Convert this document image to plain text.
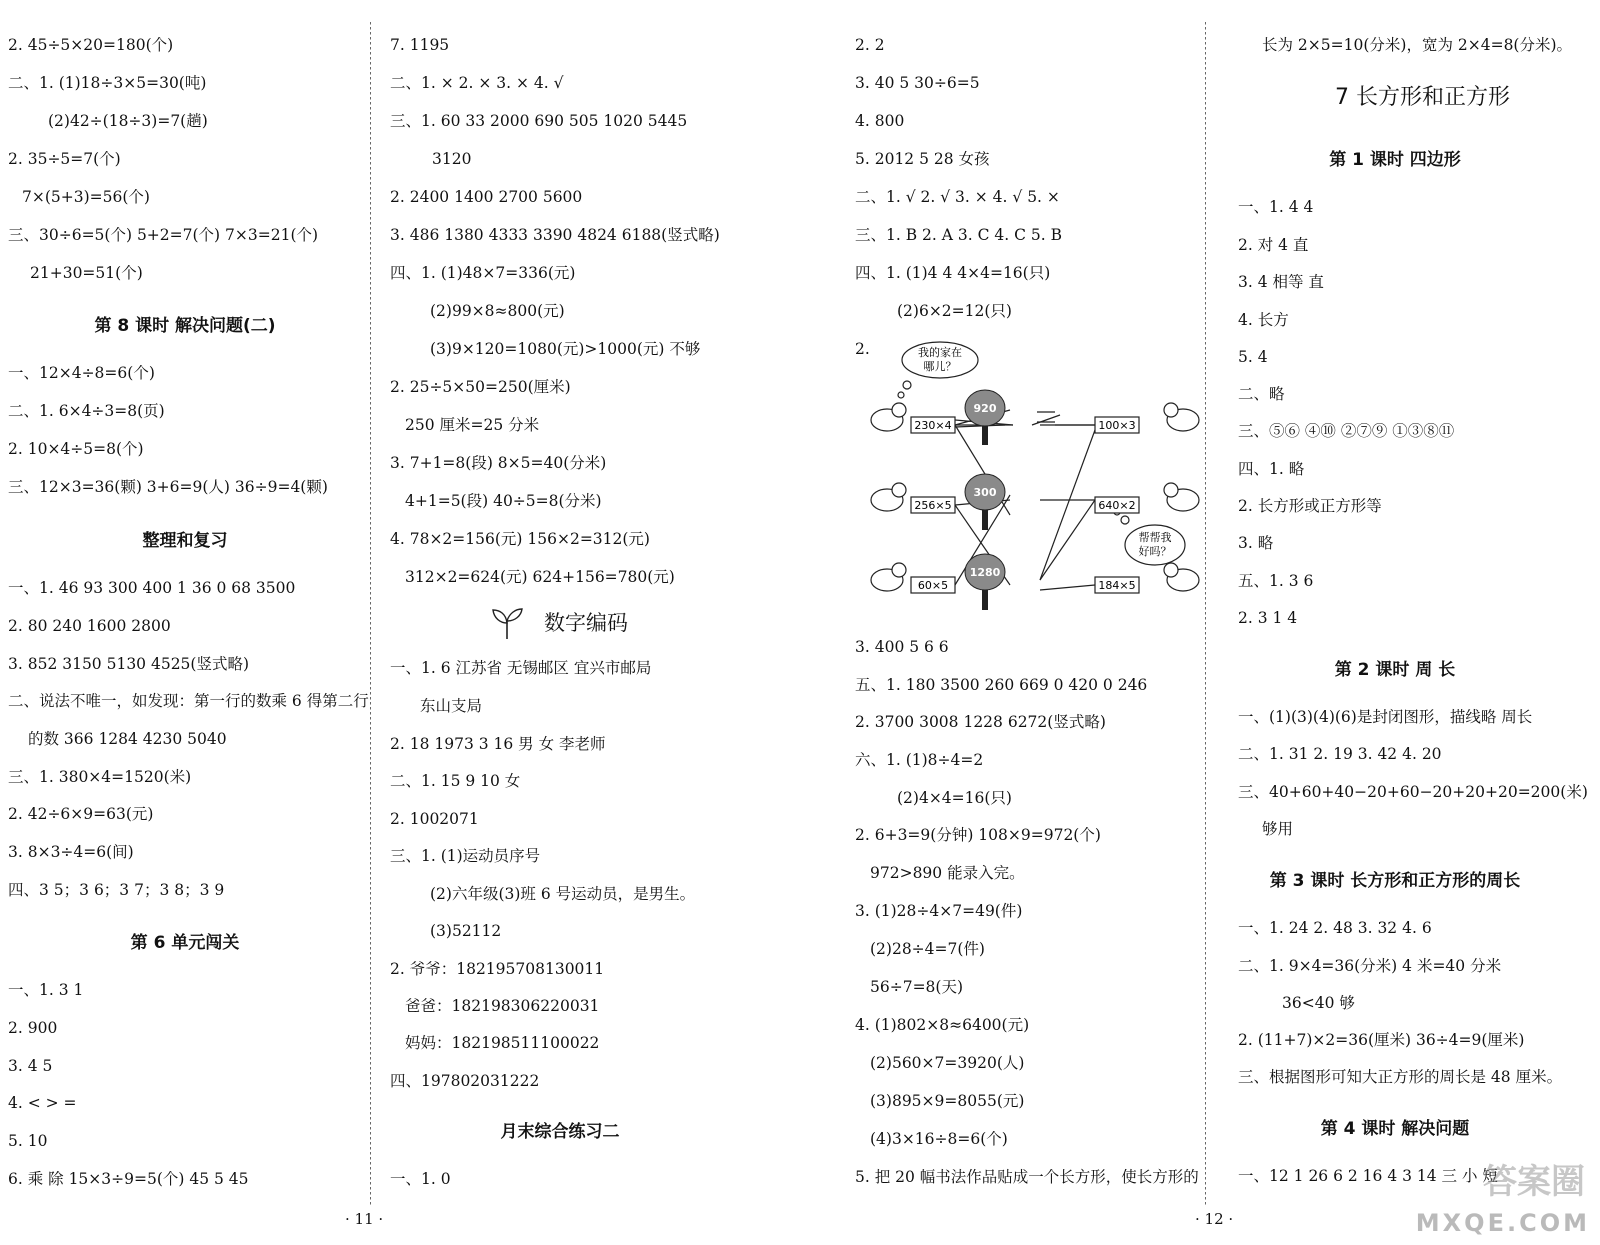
2. 45÷5×20=180(个)
二、1. (1)18÷3×5=30(吨)
(2)42÷(18÷3)=7(趟)
2. 35÷5=7(个)
7×(5+3)=56(个)
三、30÷6=5(个) 5+2=7(个) 7×3=21(个)
21+30=51(个)
第 8 课时 解决问题(二)
一、12×4÷8=6(个)
二、1. 6×4÷3=8(页)
2. 10×4÷5=8(个)
三、12×3=36(颗) 3+6=9(人) 36÷9=4(颗)
整理和复习
一、1. 46 93 300 400 1 36 0 68 3500
2. 80 240 1600 2800
3. 852 3150 5130 4525(竖式略)
二、说法不唯一，如发现：第一行的数乘 6 得第二行
的数 366 1284 4230 5040
三、1. 380×4=1520(米)
2. 42÷6×9=63(元)
3. 8×3÷4=6(间)
四、3 5；3 6；3 7；3 8；3 9
第 6 单元闯关
一、1. 3 1
2. 900
3. 4 5
4. < > =
5. 10
6. 乘 除 15×3÷9=5(个) 45 5 45
7. 1195
二、1. × 2. × 3. × 4. √
三、1. 60 33 2000 690 505 1020 5445
3120
2. 2400 1400 2700 5600
3. 486 1380 4333 3390 4824 6188(竖式略)
四、1. (1)48×7=336(元)
(2)99×8≈800(元)
(3)9×120=1080(元)>1000(元) 不够
2. 25÷5×50=250(厘米)
250 厘米=25 分米
3. 7+1=8(段) 8×5=40(分米)
4+1=5(段) 40÷5=8(分米)
4. 78×2=156(元) 156×2=312(元)
312×2=624(元) 624+156=780(元)
数字编码
一、1. 6 江苏省 无锡邮区 宜兴市邮局
东山支局
2. 18 1973 3 16 男 女 李老师
二、1. 15 9 10 女
2. 1002071
三、1. (1)运动员序号
(2)六年级(3)班 6 号运动员，是男生。
(3)52112
2. 爷爷：182195708130011
爸爸：182198306220031
妈妈：182198511100022
四、197802031222
月末综合练习二
一、1. 0
2. 2
3. 40 5 30÷6=5
4. 800
5. 2012 5 28 女孩
二、1. √ 2. √ 3. × 4. √ 5. ×
三、1. B 2. A 3. C 4. C 5. B
四、1. (1)4 4 4×4=16(只)
(2)6×2=12(只)
2.	我的家在
哪儿？
帮帮我
好吗？
920
300
1280
230×4
256×5
60×5
100×3
640×2
184×5
3. 400 5 6 6
五、1. 180 3500 260 669 0 420 0 246
2. 3700 3008 1228 6272(竖式略)
六、1. (1)8÷4=2
(2)4×4=16(只)
2. 6+3=9(分钟) 108×9=972(个)
972>890 能录入完。
3. (1)28÷4×7=49(件)
(2)28÷4=7(件)
56÷7=8(天)
4. (1)802×8≈6400(元)
(2)560×7=3920(人)
(3)895×9=8055(元)
(4)3×16÷8=6(个)
5. 把 20 幅书法作品贴成一个长方形，使长方形的
长为 2×5=10(分米)，宽为 2×4=8(分米)。
7 长方形和正方形
第 1 课时 四边形
一、1. 4 4
2. 对 4 直
3. 4 相等 直
4. 长方
5. 4
二、略
三、⑤⑥ ④⑩ ②⑦⑨ ①③⑧⑪
四、1. 略
2. 长方形或正方形等
3. 略
五、1. 3 6
2. 3 1 4
第 2 课时 周 长
一、(1)(3)(4)(6)是封闭图形，描线略 周长
二、1. 31 2. 19 3. 42 4. 20
三、40+60+40−20+60−20+20+20=200(米)
够用
第 3 课时 长方形和正方形的周长
一、1. 24 2. 48 3. 32 4. 6
二、1. 9×4=36(分米) 4 米=40 分米
36<40 够
2. (11+7)×2=36(厘米) 36÷4=9(厘米)
三、根据图形可知大正方形的周长是 48 厘米。
第 4 课时 解决问题
一、12 1 26 6 2 16 4 3 14 三 小 短
· 11 ·	· 12 ·
答案圈
MXQE.COM
